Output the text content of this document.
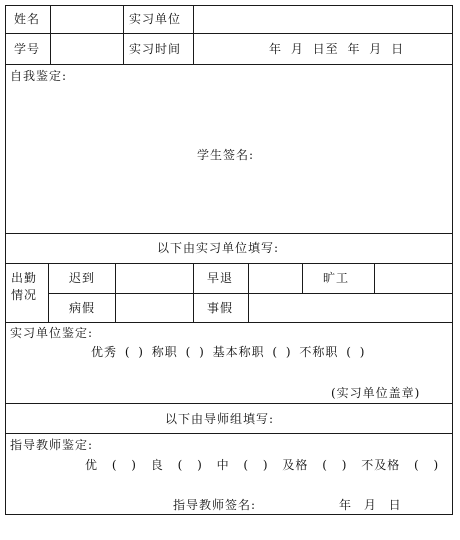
姓名	实习单位
学号	实习时间	年 月 日至 年 月 日
自我鉴定:
学生签名:
以下由实习单位填写:
出勤
情况
迟到	早退	旷工
病假	事假
实习单位鉴定:
优秀 ( ) 称职 ( ) 基本称职 ( ) 不称职 ( )
(实习单位盖章)
以下由导师组填写:
指导教师鉴定:
优 ( ) 良 ( ) 中 ( ) 及格 ( ) 不及格 ( )
指导教师签名:	年 月 日
